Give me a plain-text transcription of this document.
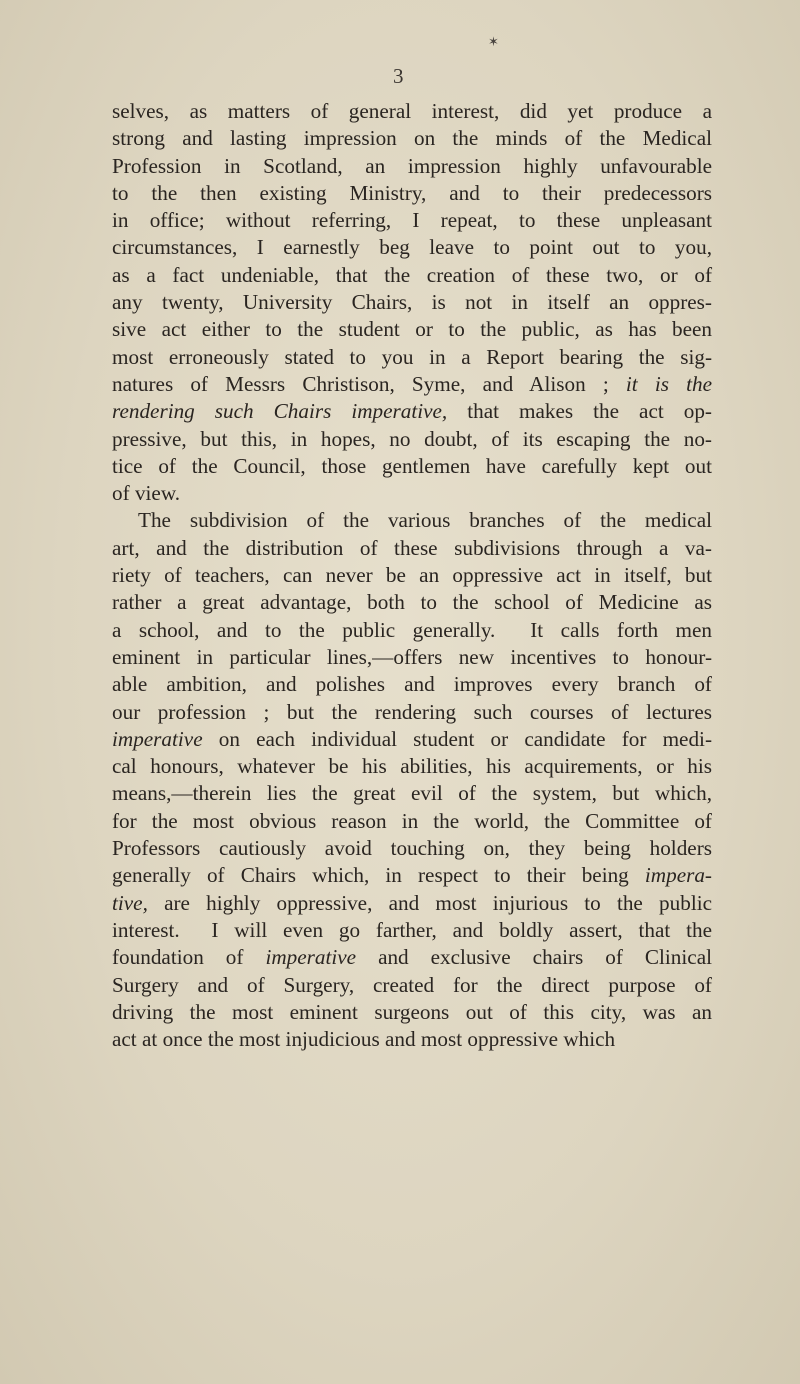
✶
3
selves, as matters of general interest, did yet produce a
strong and lasting impression on the minds of the Medical
Profession in Scotland, an impression highly unfavourable
to the then existing Ministry, and to their predecessors
in office; without referring, I repeat, to these unpleasant
circumstances, I earnestly beg leave to point out to you,
as a fact undeniable, that the creation of these two, or of
any twenty, University Chairs, is not in itself an oppres-
sive act either to the student or to the public, as has been
most erroneously stated to you in a Report bearing the sig-
natures of Messrs Christison, Syme, and Alison ; it is the
rendering such Chairs imperative, that makes the act op-
pressive, but this, in hopes, no doubt, of its escaping the no-
tice of the Council, those gentlemen have carefully kept out
of view.
The subdivision of the various branches of the medical
art, and the distribution of these subdivisions through a va-
riety of teachers, can never be an oppressive act in itself, but
rather a great advantage, both to the school of Medicine as
a school, and to the public generally.  It calls forth men
eminent in particular lines,—offers new incentives to honour-
able ambition, and polishes and improves every branch of
our profession ; but the rendering such courses of lectures
imperative on each individual student or candidate for medi-
cal honours, whatever be his abilities, his acquirements, or his
means,—therein lies the great evil of the system, but which,
for the most obvious reason in the world, the Committee of
Professors cautiously avoid touching on, they being holders
generally of Chairs which, in respect to their being impera-
tive, are highly oppressive, and most injurious to the public
interest.  I will even go farther, and boldly assert, that the
foundation of imperative and exclusive chairs of Clinical
Surgery and of Surgery, created for the direct purpose of
driving the most eminent surgeons out of this city, was an
act at once the most injudicious and most oppressive which
